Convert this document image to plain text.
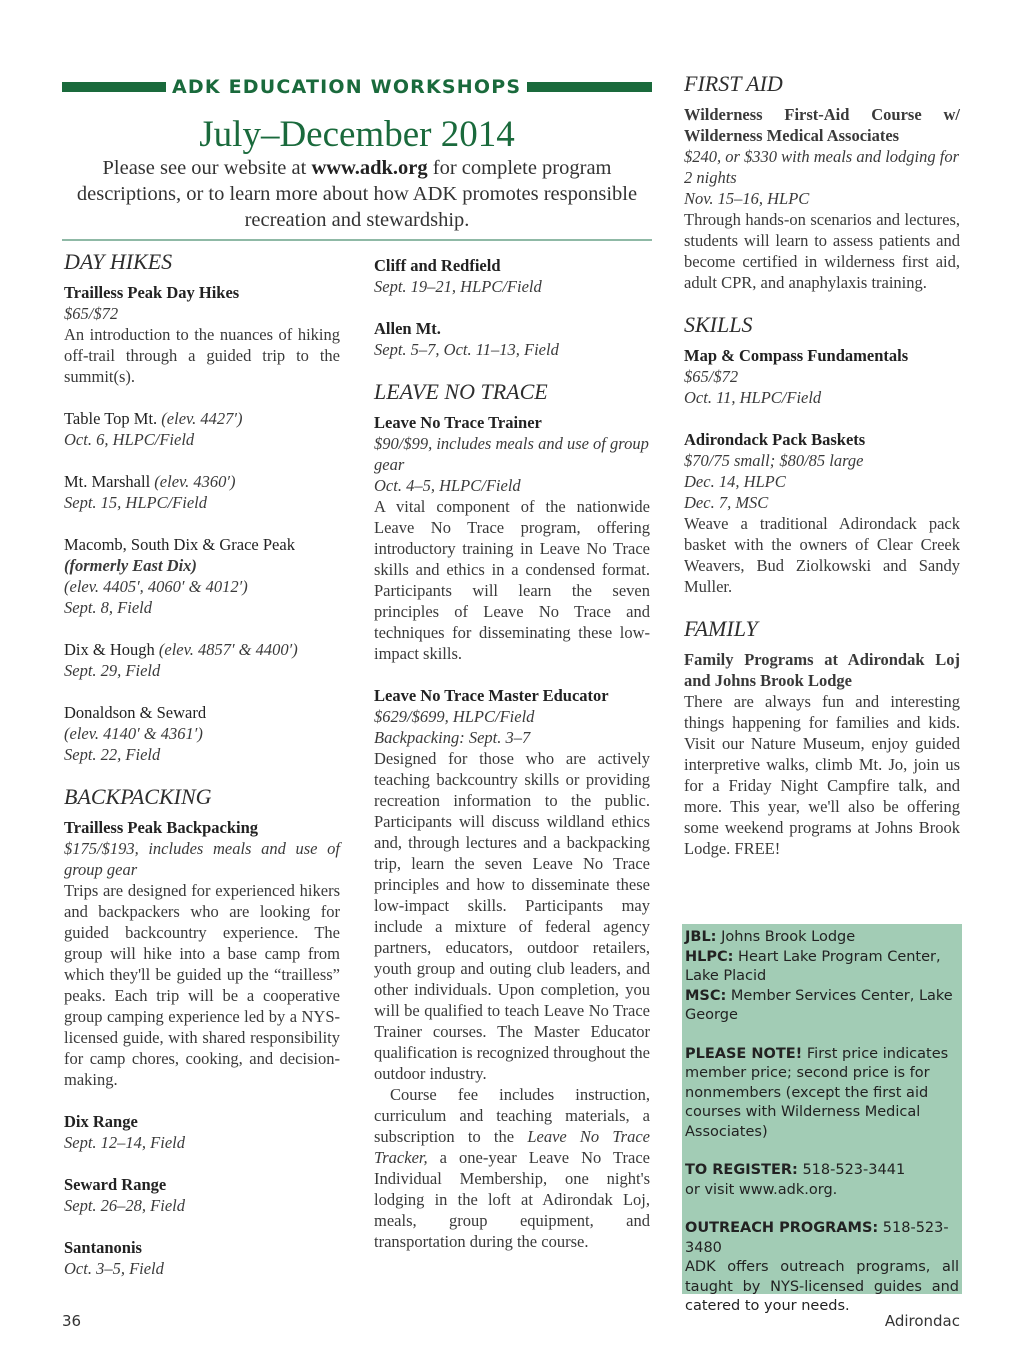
ADK EDUCATION WORKSHOPS
July–December 2014
Please see our website at www.adk.org for complete program descriptions, or to learn more about how ADK promotes responsible recreation and stewardship.
DAY HIKES
Trailless Peak Day Hikes
$65/$72
An introduction to the nuances of hiking off-trail through a guided trip to the summit(s).
Table Top Mt. (elev. 4427′)
Oct. 6, HLPC/Field
Mt. Marshall (elev. 4360′)
Sept. 15, HLPC/Field
Macomb, South Dix & Grace Peak
(formerly East Dix)
(elev. 4405′, 4060′ & 4012′)
Sept. 8, Field
Dix & Hough (elev. 4857′ & 4400′)
Sept. 29, Field
Donaldson & Seward
(elev. 4140′ & 4361′)
Sept. 22, Field
BACKPACKING
Trailless Peak Backpacking
$175/$193, includes meals and use of group gear
Trips are designed for experienced hikers and backpackers who are looking for guided backcountry experience. The group will hike into a base camp from which they'll be guided up the “trailless” peaks. Each trip will be a cooperative group camping experience led by a NYS-licensed guide, with shared responsibility for camp chores, cooking, and decision-making.
Dix Range
Sept. 12–14, Field
Seward Range
Sept. 26–28, Field
Santanonis
Oct. 3–5, Field
Cliff and Redfield
Sept. 19–21, HLPC/Field
Allen Mt.
Sept. 5–7, Oct. 11–13, Field
LEAVE NO TRACE
Leave No Trace Trainer
$90/$99, includes meals and use of group gear
Oct. 4–5, HLPC/Field
A vital component of the nationwide Leave No Trace program, offering introductory training in Leave No Trace skills and ethics in a condensed format. Participants will learn the seven principles of Leave No Trace and techniques for disseminating these low-impact skills.
Leave No Trace Master Educator
$629/$699, HLPC/Field
Backpacking: Sept. 3–7
Designed for those who are actively teaching backcountry skills or providing recreation information to the public. Participants will discuss wildland ethics and, through lectures and a backpacking trip, learn the seven Leave No Trace principles and how to disseminate these low-impact skills. Participants may include a mixture of federal agency partners, educators, outdoor retailers, youth group and outing club leaders, and other individuals. Upon completion, you will be qualified to teach Leave No Trace Trainer courses. The Master Educator qualification is recognized throughout the outdoor industry.
Course fee includes instruction, curriculum and teaching materials, a subscription to the Leave No Trace Tracker, a one-year Leave No Trace Individual Membership, one night's lodging in the loft at Adirondak Loj, meals, group equipment, and transportation during the course.
FIRST AID
Wilderness First-Aid Course w/ Wilderness Medical Associates
$240, or $330 with meals and lodging for 2 nights
Nov. 15–16, HLPC
Through hands-on scenarios and lectures, students will learn to assess patients and become certified in wilderness first aid, adult CPR, and anaphylaxis training.
SKILLS
Map & Compass Fundamentals
$65/$72
Oct. 11, HLPC/Field
Adirondack Pack Baskets
$70/75 small; $80/85 large
Dec. 14, HLPC
Dec. 7, MSC
Weave a traditional Adirondack pack basket with the owners of Clear Creek Weavers, Bud Ziolkowski and Sandy Muller.
FAMILY
Family Programs at Adirondak Loj and Johns Brook Lodge
There are always fun and interesting things happening for families and kids. Visit our Nature Museum, enjoy guided interpretive walks, climb Mt. Jo, join us for a Friday Night Campfire talk, and more. This year, we'll also be offering some weekend programs at Johns Brook Lodge. FREE!

JBL: Johns Brook Lodge

HLPC: Heart Lake Program Center, Lake Placid

MSC: Member Services Center, Lake George

PLEASE NOTE! First price indicates member price; second price is for nonmembers (except the first aid courses with Wilderness Medical Associates)

TO REGISTER: 518-523-3441

or visit www.adk.org.

OUTREACH PROGRAMS: 518-523-3480

ADK offers outreach programs, all taught by NYS-licensed guides and catered to your needs.

36	Adirondac
